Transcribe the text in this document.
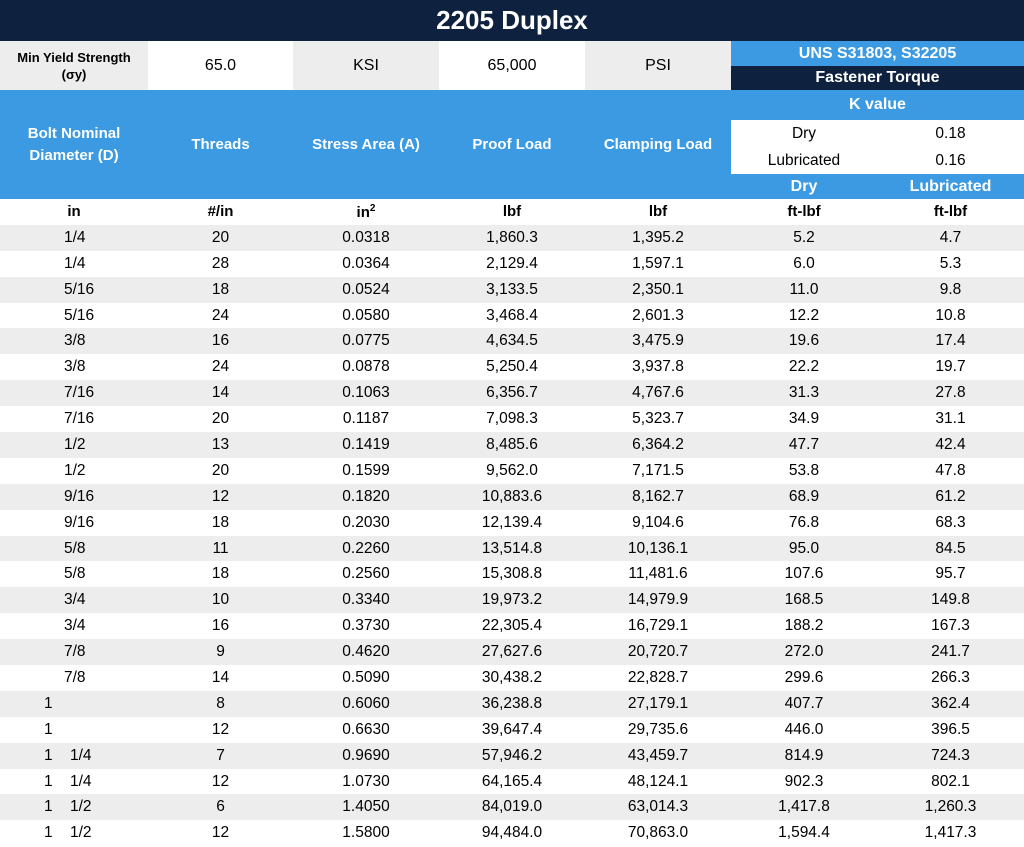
2205 Duplex
Min Yield Strength
(σy)
65.0	KSI	65,000	PSI
UNS S31803, S32205
Fastener Torque
Bolt Nominal
Diameter (D)
Threads	Stress Area (A)	Proof Load	Clamping Load
K value
Dry	0.18
Lubricated	0.16
Dry	Lubricated
in	#/in	$in^2$	lbf	lbf	ft-lbf	ft-lbf
1/4	20	0.0318	1,860.3	1,395.2	5.2	4.7
1/4	28	0.0364	2,129.4	1,597.1	6.0	5.3
5/16	18	0.0524	3,133.5	2,350.1	11.0	9.8
5/16	24	0.0580	3,468.4	2,601.3	12.2	10.8
3/8	16	0.0775	4,634.5	3,475.9	19.6	17.4
3/8	24	0.0878	5,250.4	3,937.8	22.2	19.7
7/16	14	0.1063	6,356.7	4,767.6	31.3	27.8
7/16	20	0.1187	7,098.3	5,323.7	34.9	31.1
1/2	13	0.1419	8,485.6	6,364.2	47.7	42.4
1/2	20	0.1599	9,562.0	7,171.5	53.8	47.8
9/16	12	0.1820	10,883.6	8,162.7	68.9	61.2
9/16	18	0.2030	12,139.4	9,104.6	76.8	68.3
5/8	11	0.2260	13,514.8	10,136.1	95.0	84.5
5/8	18	0.2560	15,308.8	11,481.6	107.6	95.7
3/4	10	0.3340	19,973.2	14,979.9	168.5	149.8
3/4	16	0.3730	22,305.4	16,729.1	188.2	167.3
7/8	9	0.4620	27,627.6	20,720.7	272.0	241.7
7/8	14	0.5090	30,438.2	22,828.7	299.6	266.3
1	8	0.6060	36,238.8	27,179.1	407.7	362.4
1	12	0.6630	39,647.4	29,735.6	446.0	396.5
1 1/4	7	0.9690	57,946.2	43,459.7	814.9	724.3
1 1/4	12	1.0730	64,165.4	48,124.1	902.3	802.1
1 1/2	6	1.4050	84,019.0	63,014.3	1,417.8	1,260.3
1 1/2	12	1.5800	94,484.0	70,863.0	1,594.4	1,417.3
